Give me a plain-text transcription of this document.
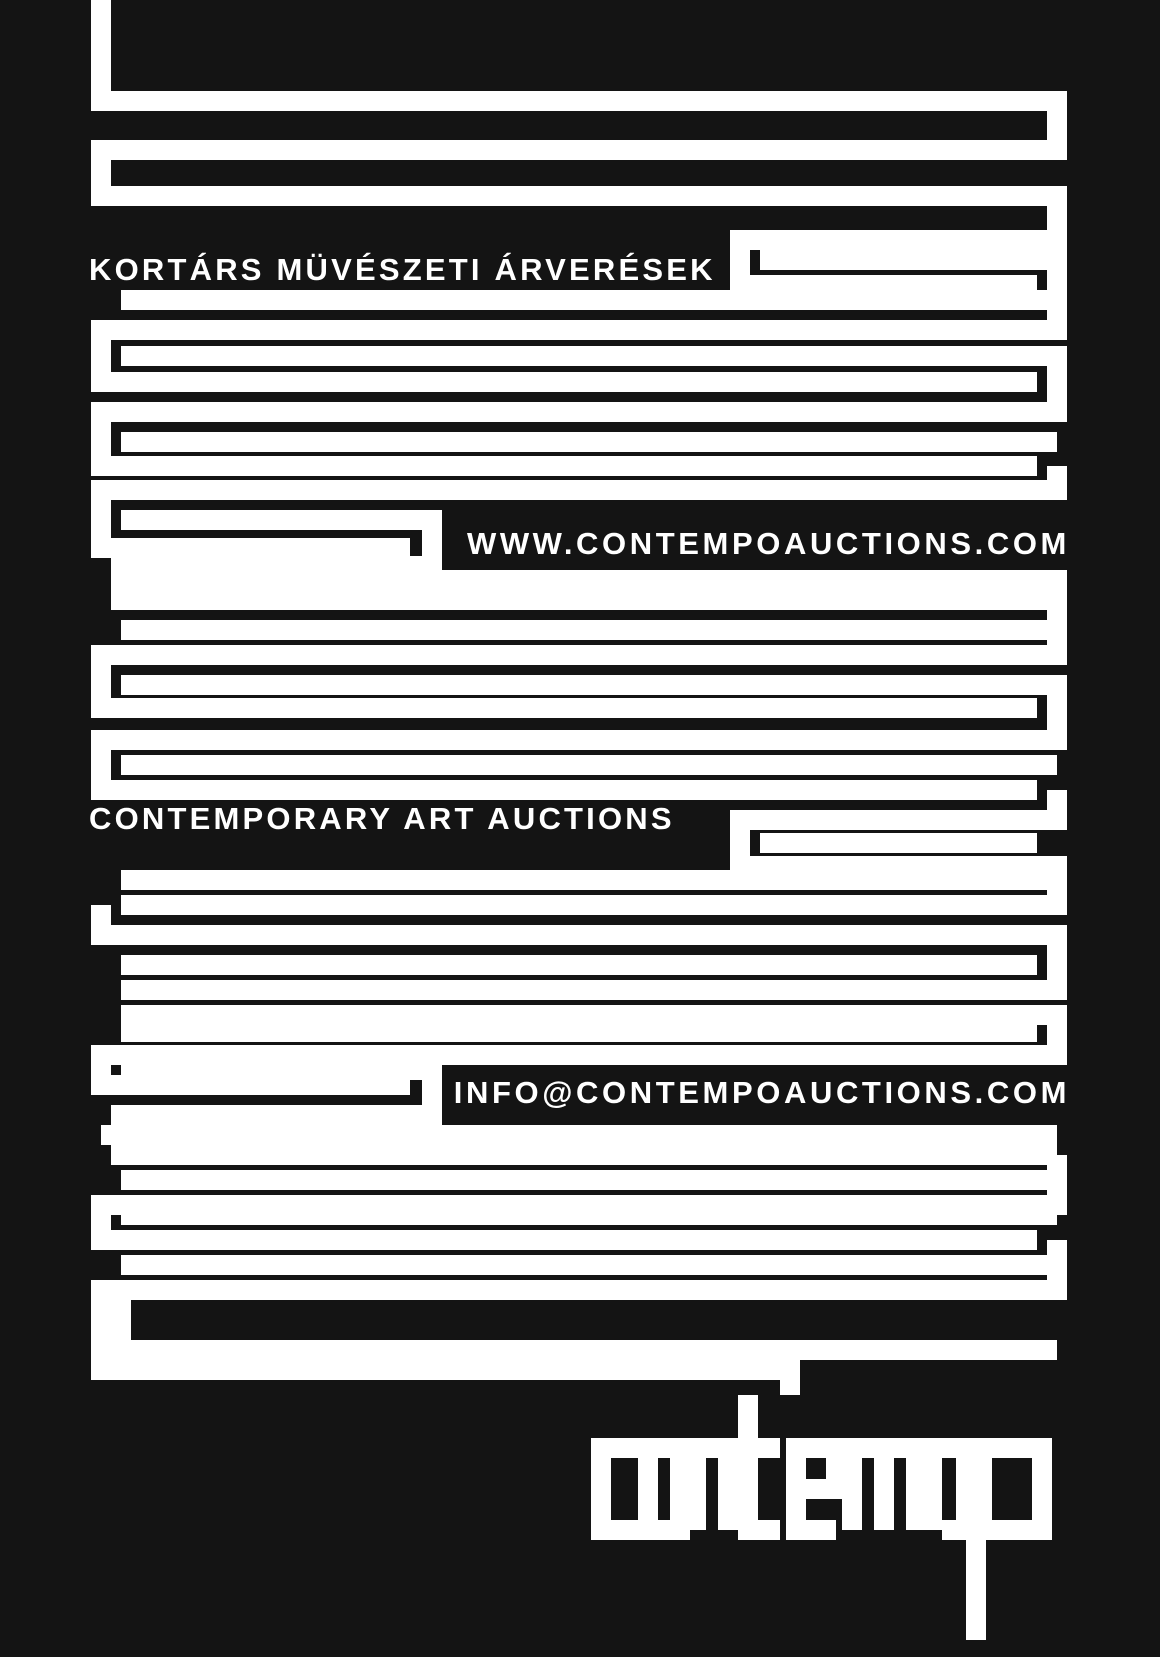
KORTÁRS MÜVÉSZETI ÁRVERÉSEK
WWW.CONTEMPOAUCTIONS.COM
CONTEMPORARY ART AUCTIONS
INFO@CONTEMPOAUCTIONS.COM
